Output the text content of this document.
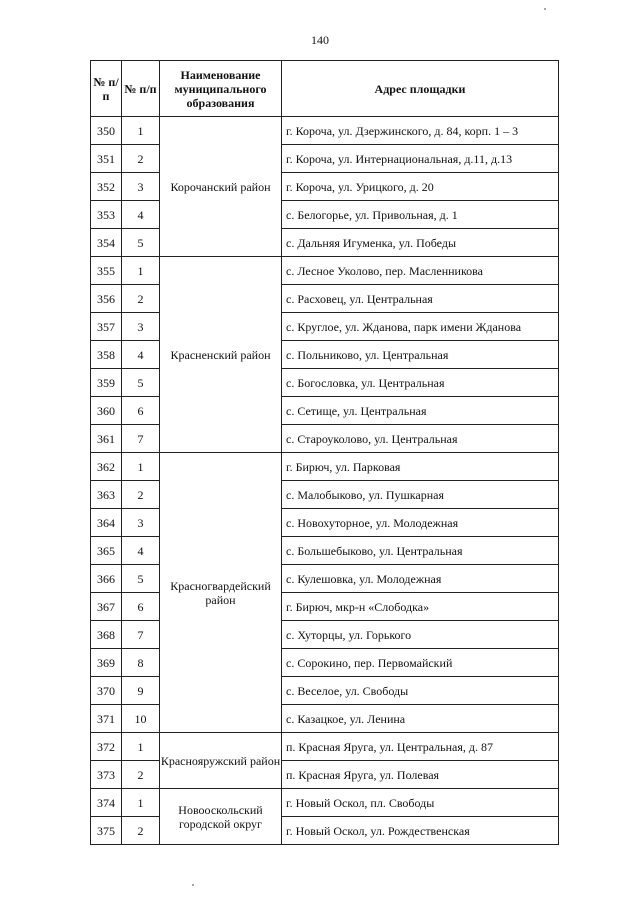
140
№ п/п	№ п/п	Наименование муниципального образования	Адрес площадки
350	1	Корочанский район	г. Короча, ул. Дзержинского, д. 84, корп. 1 – 3
351	2		г. Короча, ул. Интернациональная, д.11, д.13
352	3		г. Короча, ул. Урицкого, д. 20
353	4		с. Белогорье, ул. Привольная, д. 1
354	5		с. Дальняя Игуменка, ул. Победы
355	1	Красненский район	с. Лесное Уколово, пер. Масленникова
356	2		с. Расховец, ул. Центральная
357	3		с. Круглое, ул. Жданова, парк имени Жданова
358	4		с. Польниково, ул. Центральная
359	5		с. Богословка, ул. Центральная
360	6		с. Сетище, ул. Центральная
361	7		с. Староуколово, ул. Центральная
362	1	Красногвардейский район	г. Бирюч, ул. Парковая
363	2		с. Малобыково, ул. Пушкарная
364	3		с. Новохуторное, ул. Молодежная
365	4		с. Большебыково, ул. Центральная
366	5		с. Кулешовка, ул. Молодежная
367	6		г. Бирюч, мкр-н «Слободка»
368	7		с. Хуторцы, ул. Горького
369	8		с. Сорокино, пер. Первомайский
370	9		с. Веселое, ул. Свободы
371	10		с. Казацкое, ул. Ленина
372	1	Краснояружский район	п. Красная Яруга, ул. Центральная, д. 87
373	2		п. Красная Яруга, ул. Полевая
374	1	Новооскольский городской округ	г. Новый Оскол, пл. Свободы
375	2		г. Новый Оскол, ул. Рождественская
